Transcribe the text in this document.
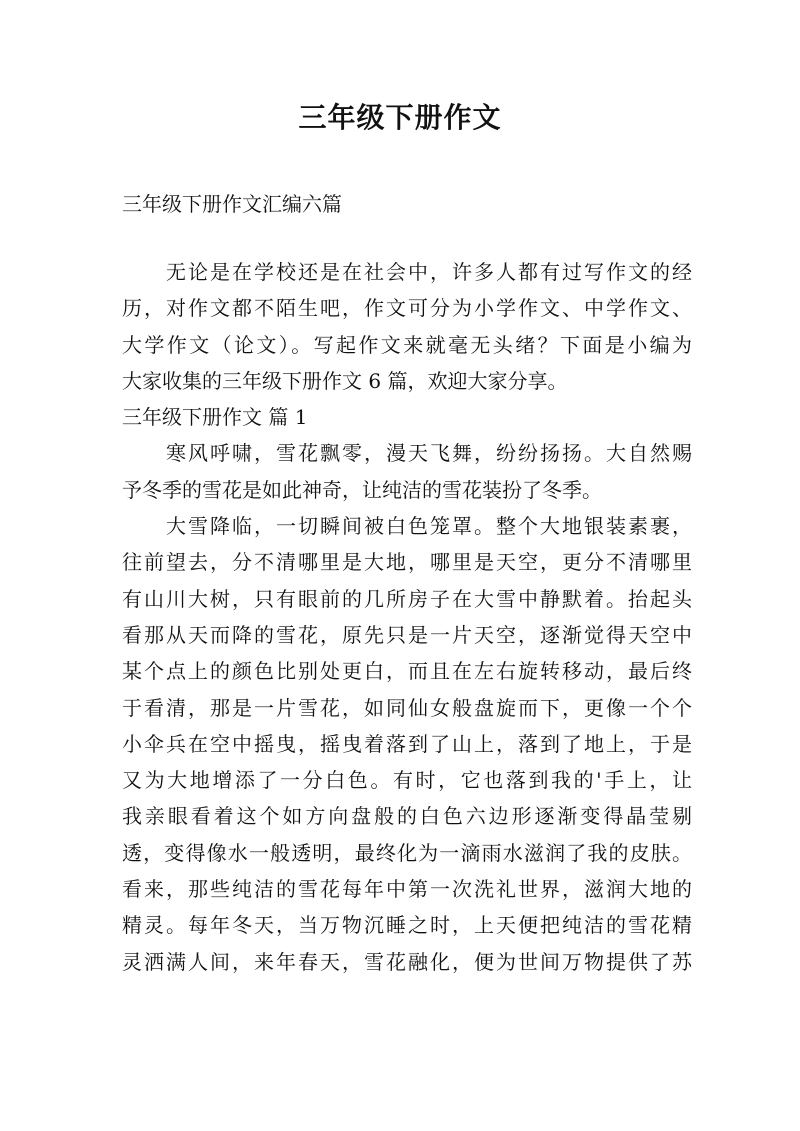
三年级下册作文

三年级下册作文汇编六篇

无论是在学校还是在社会中，许多人都有过写作文的经
历，对作文都不陌生吧，作文可分为小学作文、中学作文、
大学作文（论文）。写起作文来就毫无头绪？下面是小编为
大家收集的三年级下册作文 6 篇，欢迎大家分享。
三年级下册作文 篇 1
寒风呼啸，雪花飘零，漫天飞舞，纷纷扬扬。大自然赐
予冬季的雪花是如此神奇，让纯洁的雪花装扮了冬季。
大雪降临，一切瞬间被白色笼罩。整个大地银装素裹，
往前望去，分不清哪里是大地，哪里是天空，更分不清哪里
有山川大树，只有眼前的几所房子在大雪中静默着。抬起头
看那从天而降的雪花，原先只是一片天空，逐渐觉得天空中
某个点上的颜色比别处更白，而且在左右旋转移动，最后终
于看清，那是一片雪花，如同仙女般盘旋而下，更像一个个
小伞兵在空中摇曳，摇曳着落到了山上，落到了地上，于是
又为大地增添了一分白色。有时，它也落到我的'手上，让
我亲眼看着这个如方向盘般的白色六边形逐渐变得晶莹剔
透，变得像水一般透明，最终化为一滴雨水滋润了我的皮肤。
看来，那些纯洁的雪花每年中第一次洗礼世界，滋润大地的
精灵。每年冬天，当万物沉睡之时，上天便把纯洁的雪花精
灵洒满人间，来年春天，雪花融化，便为世间万物提供了苏
